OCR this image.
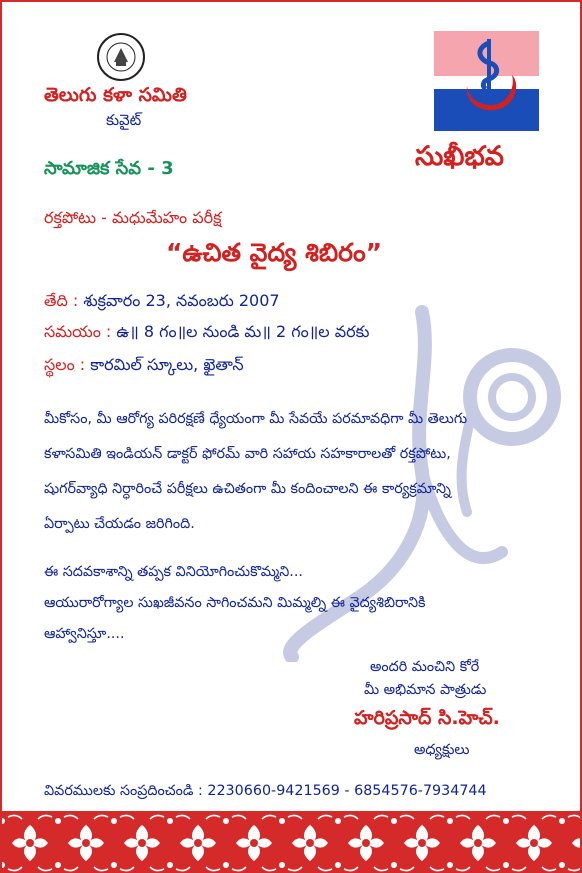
తెలుగు కళా సమితి
కువైట్
సుఖీభవ
సామాజిక సేవ - 3
రక్తపోటు - మధుమేహం పరీక్ష
“ఉచిత వైద్య శిబిరం”
తేది : శుక్రవారం 23, నవంబరు 2007
సమయం : ఉ॥ 8 గం॥ల నుండి మ॥ 2 గం॥ల వరకు
స్థలం : కారమిల్ స్కూలు, ఖైతాన్
మీకోసం, మీ ఆరోగ్య పరిరక్షణే ధ్యేయంగా మీ సేవయే పరమావధిగా మీ తెలుగు
కళాసమితి ఇండియన్ డాక్టర్ ఫోరమ్ వారి సహాయ సహకారాలతో రక్తపోటు,
షుగర్‌వ్యాధి నిర్ధారించే పరీక్షలు ఉచితంగా మీ కందించాలని ఈ కార్యక్రమాన్ని
ఏర్పాటు చేయడం జరిగింది.
ఈ సదవకాశాన్ని తప్పక వినియోగించుకొమ్మని...
ఆయురారోగ్యాల సుఖజీవనం సాగించమని మిమ్మల్ని ఈ వైద్యశిబిరానికి
ఆహ్వానిస్తూ....
అందరి మంచిని కోరే
మీ అభిమాన పాత్రుడు
హరిప్రసాద్ సి.హెచ్.
అధ్యక్షులు
వివరములకు సంప్రదించండి : 2230660-9421569 - 6854576-7934744
